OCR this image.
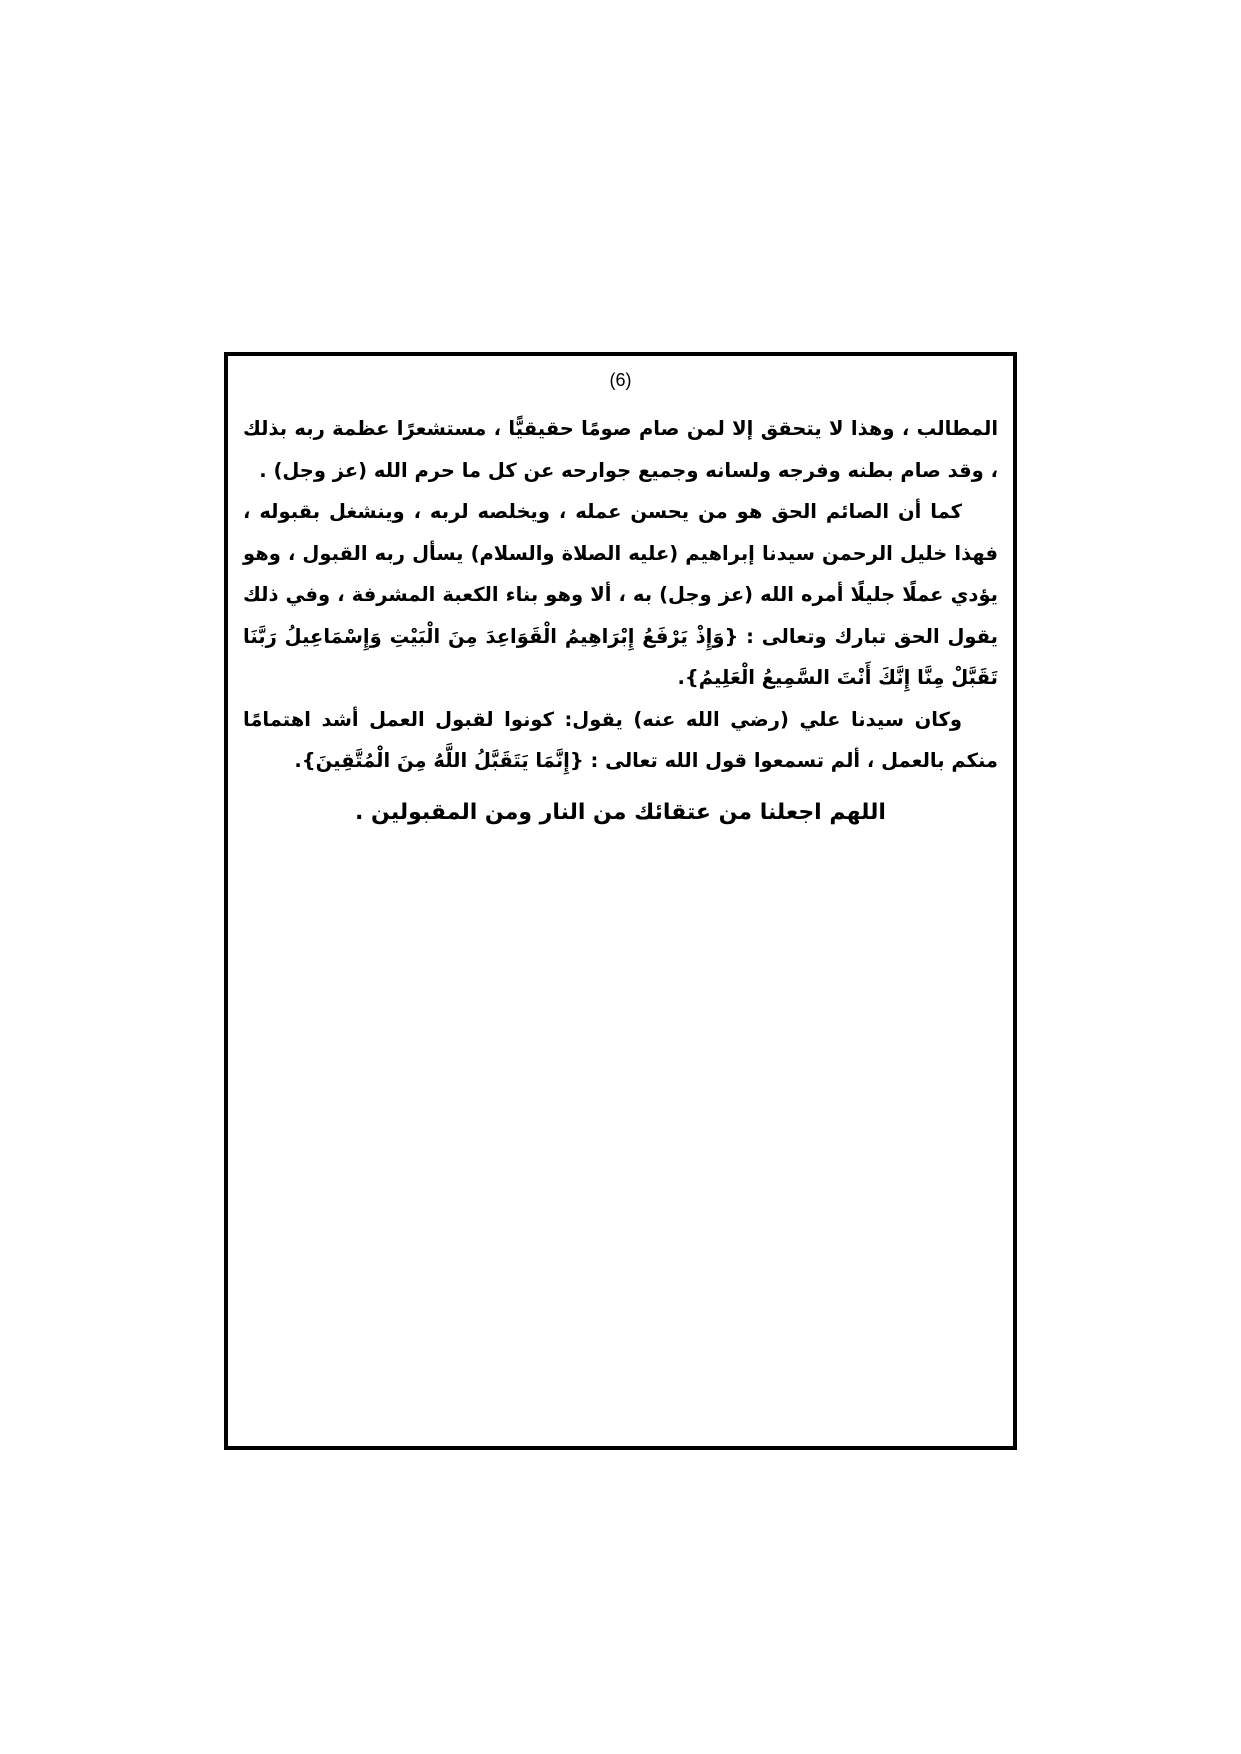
(6)

المطالب ، وهذا لا يتحقق إلا لمن صام صومًا حقيقيًّا ، مستشعرًا عظمة ربه بذلك ، وقد صام بطنه وفرجه ولسانه وجميع جوارحه عن كل ما حرم الله (عز وجل) .

كما أن الصائم الحق هو من يحسن عمله ، ويخلصه لربه ، وينشغل بقبوله ، فهذا خليل الرحمن سيدنا إبراهيم (عليه الصلاة والسلام) يسأل ربه القبول ، وهو يؤدي عملًا جليلًا أمره الله (عز وجل) به ، ألا وهو بناء الكعبة المشرفة ، وفي ذلك يقول الحق تبارك وتعالى : {وَإِذْ يَرْفَعُ إِبْرَاهِيمُ الْقَوَاعِدَ مِنَ الْبَيْتِ وَإِسْمَاعِيلُ رَبَّنَا تَقَبَّلْ مِنَّا إِنَّكَ أَنْتَ السَّمِيعُ الْعَلِيمُ}.

وكان سيدنا علي (رضي الله عنه) يقول: كونوا لقبول العمل أشد اهتمامًا منكم بالعمل ، ألم تسمعوا قول الله تعالى : {إِنَّمَا يَتَقَبَّلُ اللَّهُ مِنَ الْمُتَّقِينَ}.

اللهم اجعلنا من عتقائك من النار ومن المقبولين .
